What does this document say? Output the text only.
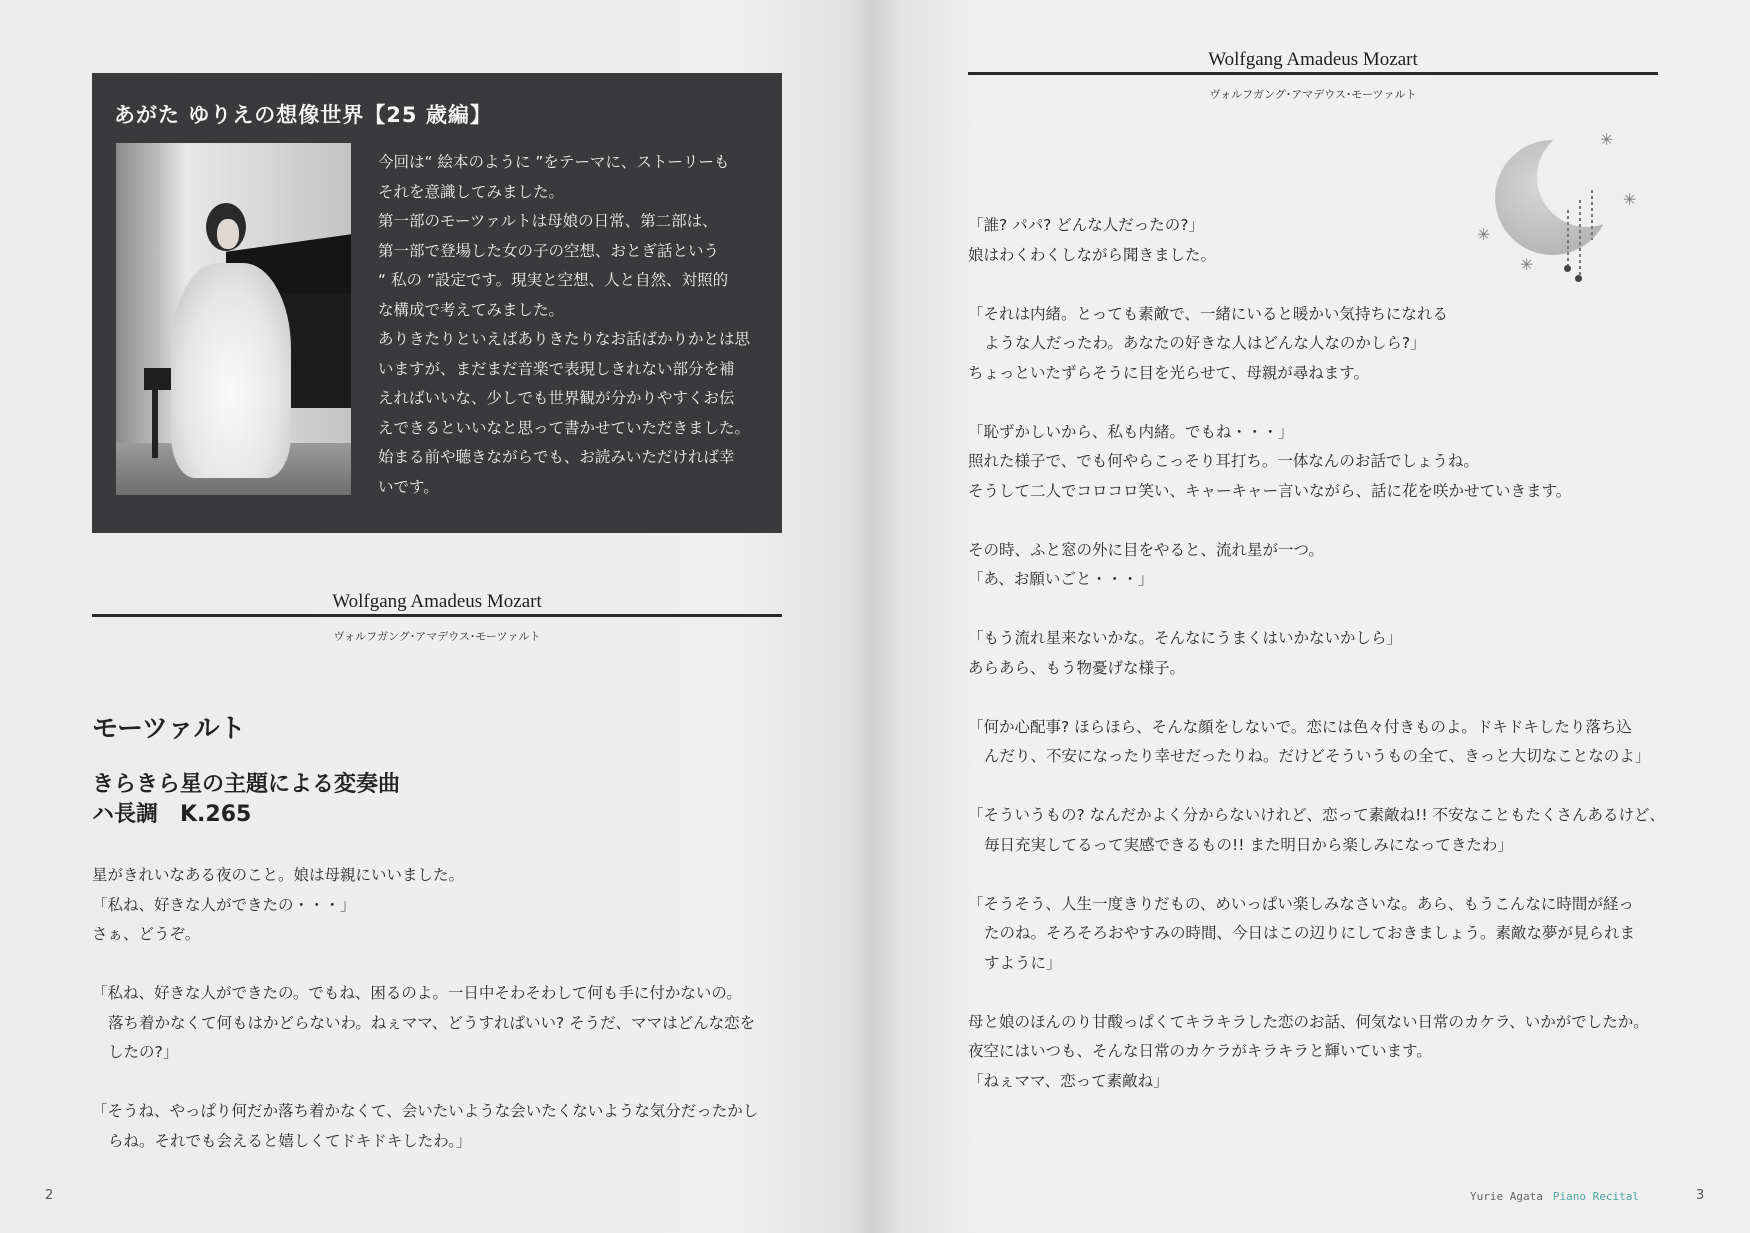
あがた ゆりえの想像世界【25 歳編】

今回は“ 絵本のように ”をテーマに、ストーリーも

それを意識してみました。

第一部のモーツァルトは母娘の日常、第二部は、

第一部で登場した女の子の空想、おとぎ話という

“ 私の ”設定です。現実と空想、人と自然、対照的

な構成で考えてみました。

ありきたりといえばありきたりなお話ばかりかとは思

いますが、まだまだ音楽で表現しきれない部分を補

えればいいな、少しでも世界観が分かりやすくお伝

えできるといいなと思って書かせていただきました。

始まる前や聴きながらでも、お読みいただければ幸

いです。

Wolfgang Amadeus Mozart
ヴォルフガング･アマデウス･モーツァルト
モーツァルト
きらきら星の主題による変奏曲
ハ長調　K.265

星がきれいなある夜のこと。娘は母親にいいました。

「私ね、好きな人ができたの・・・」

さぁ、どうぞ。

「私ね、好きな人ができたの。でもね、困るのよ。一日中そわそわして何も手に付かないの。

落ち着かなくて何もはかどらないわ。ねぇママ、どうすればいい? そうだ、ママはどんな恋を

したの?」

「そうね、やっぱり何だか落ち着かなくて、会いたいような会いたくないような気分だったかし

らね。それでも会えると嬉しくてドキドキしたわ。」

2
Wolfgang Amadeus Mozart
ヴォルフガング･アマデウス･モーツァルト
✳
✳
✳
✳

「誰? パパ? どんな人だったの?」

娘はわくわくしながら聞きました。

「それは内緒。とっても素敵で、一緒にいると暖かい気持ちになれる

ような人だったわ。あなたの好きな人はどんな人なのかしら?」

ちょっといたずらそうに目を光らせて、母親が尋ねます。

「恥ずかしいから、私も内緒。でもね・・・」

照れた様子で、でも何やらこっそり耳打ち。一体なんのお話でしょうね。

そうして二人でコロコロ笑い、キャーキャー言いながら、話に花を咲かせていきます。

その時、ふと窓の外に目をやると、流れ星が一つ。

「あ、お願いごと・・・」

「もう流れ星来ないかな。そんなにうまくはいかないかしら」

あらあら、もう物憂げな様子。

「何か心配事? ほらほら、そんな顔をしないで。恋には色々付きものよ。ドキドキしたり落ち込

んだり、不安になったり幸せだったりね。だけどそういうもの全て、きっと大切なことなのよ」

「そういうもの? なんだかよく分からないけれど、恋って素敵ね!! 不安なこともたくさんあるけど、

毎日充実してるって実感できるもの!! また明日から楽しみになってきたわ」

「そうそう、人生一度きりだもの、めいっぱい楽しみなさいな。あら、もうこんなに時間が経っ

たのね。そろそろおやすみの時間、今日はこの辺りにしておきましょう。素敵な夢が見られま

すように」

母と娘のほんのり甘酸っぱくてキラキラした恋のお話、何気ない日常のカケラ、いかがでしたか。

夜空にはいつも、そんな日常のカケラがキラキラと輝いています。

「ねぇママ、恋って素敵ね」

Yurie Agata Piano Recital	3
